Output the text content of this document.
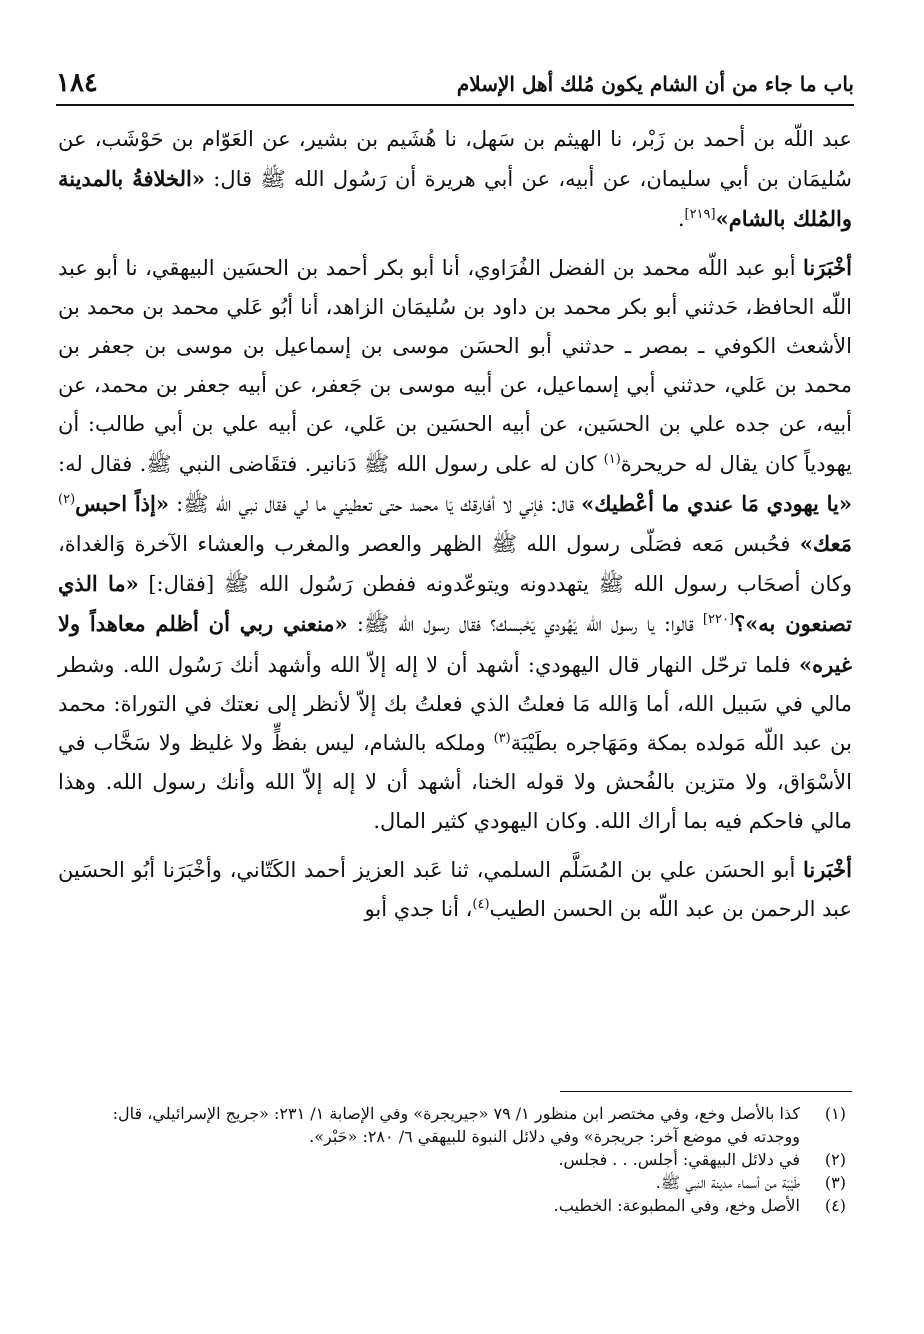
باب ما جاء من أن الشام يكون مُلك أهل الإسلام
١٨٤

عبد اللّه بن أحمد بن زَبْر، نا الهيثم بن سَهل، نا هُشَيم بن بشير، عن العَوّام بن حَوْشَب، عن سُليمَان بن أبي سليمان، عن أبيه، عن أبي هريرة أن رَسُول الله ﷺ قال: «الخلافةُ بالمدينة والمُلك بالشام»[٢١٩].

أخْبَرَنا أبو عبد اللّه محمد بن الفضل الفُرَاوي، أنا أبو بكر أحمد بن الحسَين البيهقي، نا أبو عبد اللّه الحافظ، حَدثني أبو بكر محمد بن داود بن سُليمَان الزاهد، أنا أبُو عَلي محمد بن محمد بن الأشعث الكوفي ـ بمصر ـ حدثني أبو الحسَن موسى بن إسماعيل بن موسى بن جعفر بن محمد بن عَلي، حدثني أبي إسماعيل، عن أبيه موسى بن جَعفر، عن أبيه جعفر بن محمد، عن أبيه، عن جده علي بن الحسَين، عن أبيه الحسَين بن عَلي، عن أبيه علي بن أبي طالب: أن يهودياً كان يقال له حريحرة$^{(١)}$ كان له على رسول الله ﷺ دَنانير. فتقَاضى النبي ﷺ. فقال له: «يا يهودي مَا عندي ما أعْطيك» قال: فإني لا أفارقك يَا محمد حتى تعطيني ما لي فقال نبي الله ﷺ: «إذاً احبس$^{(٢)}$ مَعك» فحُبس مَعه فصَلّى رسول الله ﷺ الظهر والعصر والمغرب والعشاء الآخرة وَالغداة، وكان أصحَاب رسول الله ﷺ يتهددونه ويتوعّدونه ففطن رَسُول الله ﷺ [فقال:] «ما الذي تصنعون به»؟[٢٢٠] قالوا: يا رسول الله يَهُودي يَحْبسك؟ فقال رسول الله ﷺ: «منعني ربي أن أظلم معاهداً ولا غيره» فلما ترحّل النهار قال اليهودي: أشهد أن لا إله إلاّ الله وأشهد أنك رَسُول الله. وشطر مالي في سَبيل الله، أما وَالله مَا فعلتُ الذي فعلتُ بك إلاّ لأنظر إلى نعتك في التوراة: محمد بن عبد اللّه مَولده بمكة ومَهَاجره بطَيْبَة$^{(٣)}$ وملكه بالشام، ليس بفظٍّ ولا غليظ ولا سَخَّاب في الأسْوَاق، ولا متزين بالفُحش ولا قوله الخنا، أشهد أن لا إله إلاّ الله وأنك رسول الله. وهذا مالي فاحكم فيه بما أراك الله. وكان اليهودي كثير المال.

أخْبَرنا أبو الحسَن علي بن المُسَلَّم السلمي، ثنا عَبد العزيز أحمد الكَتّاني، وأخْبَرَنا أبُو الحسَين عبد الرحمن بن عبد اللّه بن الحسن الطيب$^{(٤)}$، أنا جدي أبو

(١)
كذا بالأصل وخع، وفي مختصر ابن منظور ١/ ٧٩ «جيريجرة» وفي الإصابة ١/ ٢٣١: «جريج الإسرائيلي، قال: ووجدته في موضع آخر: جريجرة» وفي دلائل النبوة للبيهقي ٦/ ٢٨٠: «حَبْر».
(٢)
في دلائل البيهقي: أجلس. . . فجلس.
(٣)
طَيْبَة من أسماء مدينة النبي ﷺ.
(٤)
الأصل وخع، وفي المطبوعة: الخطيب.
